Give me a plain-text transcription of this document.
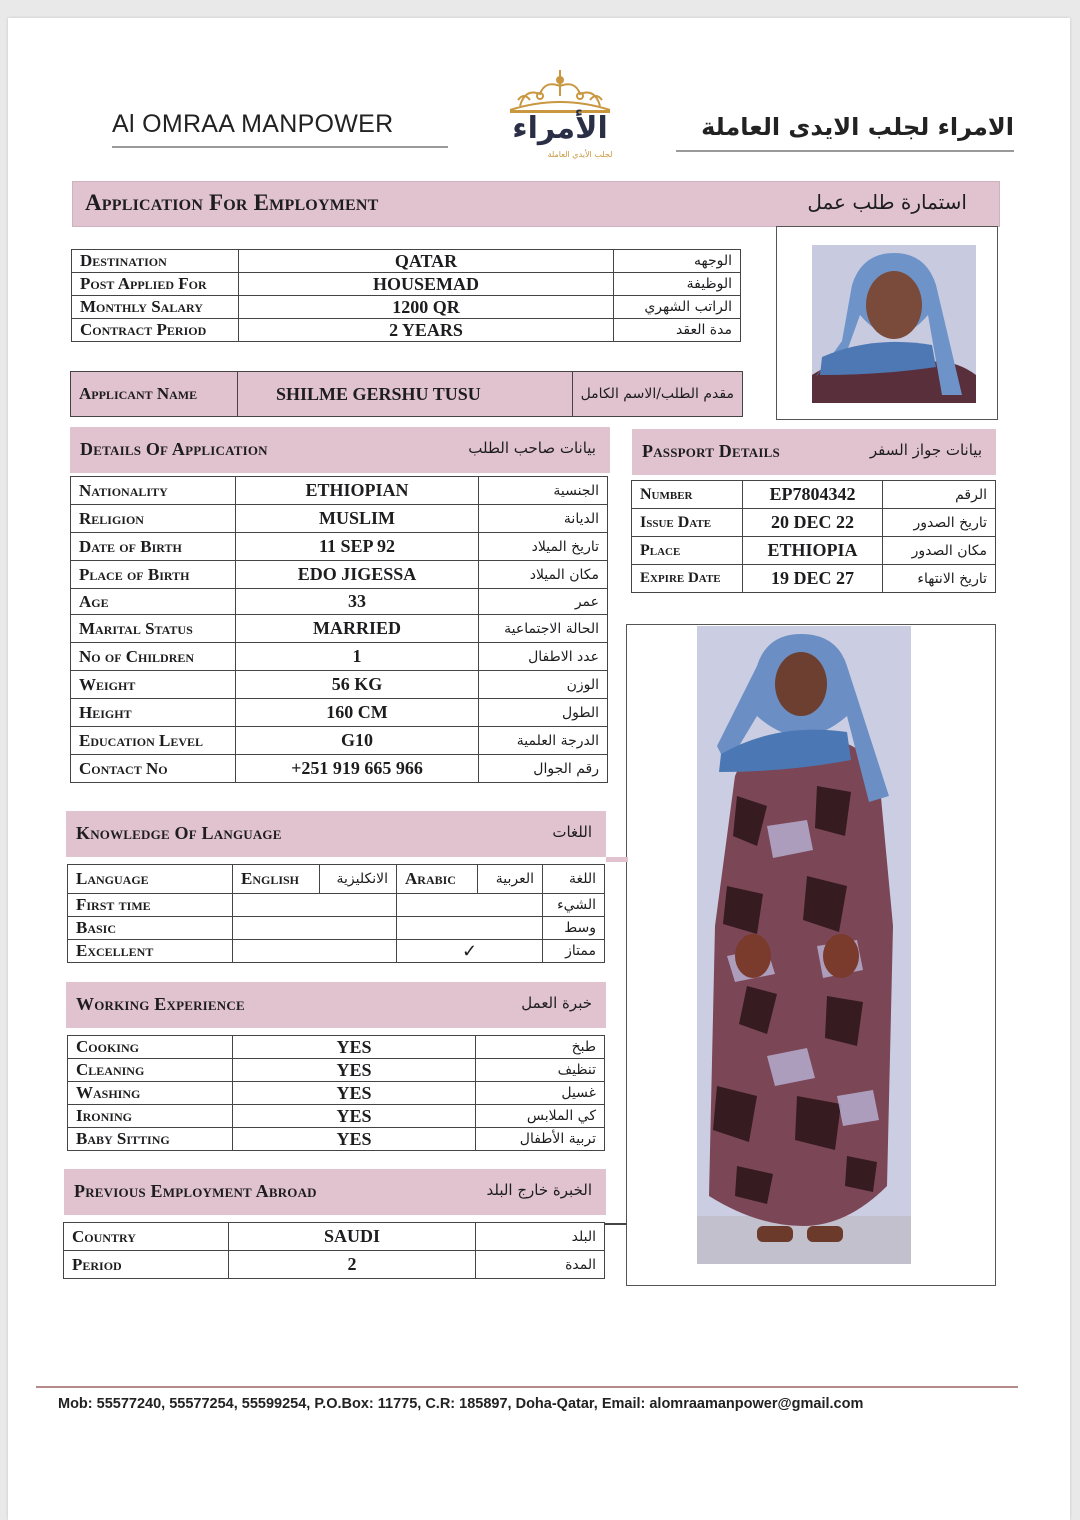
Al OMRAA MANPOWER	الامراء لجلب الايدى العاملة
الأمراء
لجلب الأيدي العاملة
Application For Employment	استمارة طلب عمل
Destination	QATAR	الوجهه
Post Applied For	HOUSEMAD	الوظيفة
Monthly Salary	1200 QR	الراتب الشهري
Contract Period	2 YEARS	مدة العقد
Applicant Name	SHILME GERSHU TUSU	مقدم الطلب/الاسم الكامل
Details Of Application	بيانات صاحب الطلب
Nationality	ETHIOPIAN	الجنسية
Religion	MUSLIM	الديانة
Date of Birth	11 SEP 92	تاريخ الميلاد
Place of Birth	EDO JIGESSA	مكان الميلاد
Age	33	عمر
Marital Status	MARRIED	الحالة الاجتماعية
No of Children	1	عدد الاطفال
Weight	56 KG	الوزن
Height	160 CM	الطول
Education Level	G10	الدرجة العلمية
Contact No	+251 919 665 966	رقم الجوال
Passport Details	بيانات جواز السفر
Number	EP7804342	الرقم
Issue Date	20 DEC 22	تاريخ الصدور
Place	ETHIOPIA	مكان الصدور
Expire Date	19 DEC 27	تاريخ الانتهاء
Knowledge Of Language	اللغات
Language	English	الانكليزية	Arabic	العربية	اللغة
First time					الشيء
Basic					وسط
Excellent			✓		ممتاز
Working Experience	خبرة العمل
Cooking	YES	طبخ
Cleaning	YES	تنظيف
Washing	YES	غسيل
Ironing	YES	كي الملابس
Baby Sitting	YES	تربية الأطفال
Previous Employment Abroad	الخبرة خارج البلد
Country	SAUDI	البلد
Period	2	المدة
Mob: 55577240, 55577254, 55599254, P.O.Box: 11775, C.R: 185897, Doha-Qatar, Email: alomraamanpower@gmail.com
